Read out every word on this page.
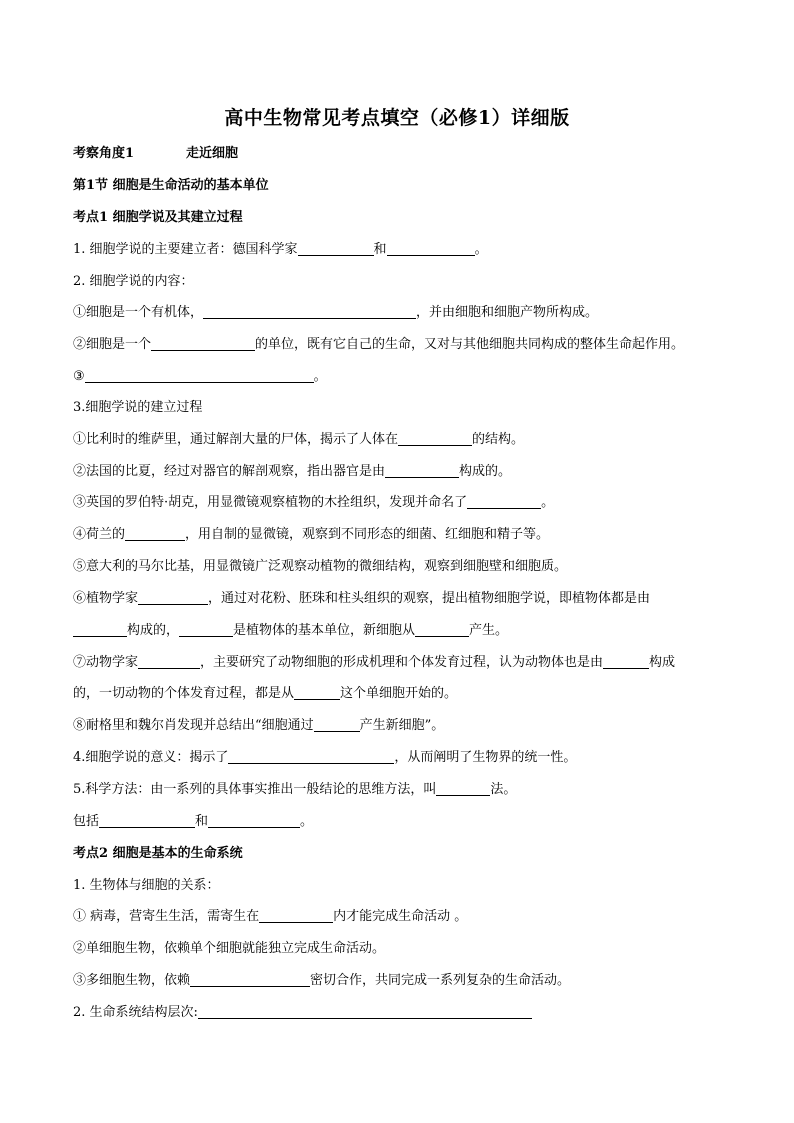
高中生物常见考点填空（必修1）详细版
考察角度1	走近细胞
第1节 细胞是生命活动的基本单位
考点1 细胞学说及其建立过程
1. 细胞学说的主要建立者：德国科学家	和	。
2. 细胞学说的内容：
①细胞是一个有机体，	，并由细胞和细胞产物所构成。
②细胞是一个	的单位，既有它自己的生命，又对与其他细胞共同构成的整体生命起作用。
③	。
3.细胞学说的建立过程
①比利时的维萨里，通过解剖大量的尸体，揭示了人体在	的结构。
②法国的比夏，经过对器官的解剖观察，指出器官是由	构成的。
③英国的罗伯特·胡克，用显微镜观察植物的木拴组织，发现并命名了	。
④荷兰的	，用自制的显微镜，观察到不同形态的细菌、红细胞和精子等。
⑤意大利的马尔比基，用显微镜广泛观察动植物的微细结构，观察到细胞壁和细胞质。
⑥植物学家	，通过对花粉、胚珠和柱头组织的观察，提出植物细胞学说，即植物体都是由
构成的，	是植物体的基本单位，新细胞从	产生。
⑦动物学家	，主要研究了动物细胞的形成机理和个体发育过程，认为动物体也是由	构成
的，一切动物的个体发育过程，都是从	这个单细胞开始的。
⑧耐格里和魏尔肖发现并总结出“细胞通过	产生新细胞”。
4.细胞学说的意义：揭示了	，从而阐明了生物界的统一性。
5.科学方法：由一系列的具体事实推出一般结论的思维方法，叫	法。
包括	和	。
考点2 细胞是基本的生命系统
1. 生物体与细胞的关系：
① 病毒，营寄生生活，需寄生在	内才能完成生命活动 。
②单细胞生物，依赖单个细胞就能独立完成生命活动。
③多细胞生物，依赖	密切合作，共同完成一系列复杂的生命活动。
2. 生命系统结构层次:
